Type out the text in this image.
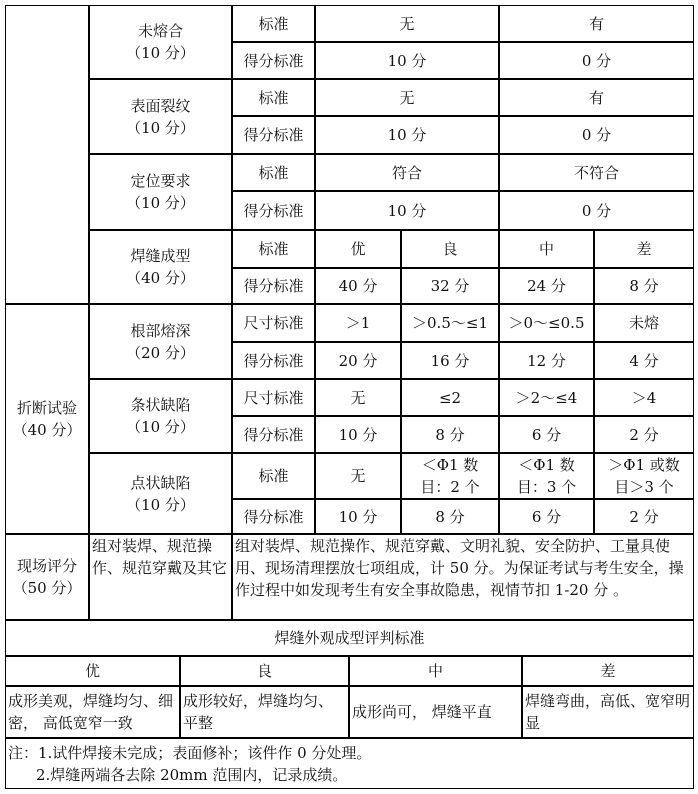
折断试验
（40 分）
未熔合
（10 分）
标准
得分标准
无
10 分
有
0 分
表面裂纹
（10 分）
标准
得分标准
无
10 分
有
0 分
定位要求
（10 分）
标准
得分标准
符合
10 分
不符合
0 分
焊缝成型
（40 分）
标准
得分标准
优
40 分
良
32 分
中
24 分
差
8 分
根部熔深
（20 分）
尺寸标准
得分标准
＞1
20 分
＞0.5～≤1
16 分
＞0～≤0.5
12 分
未熔
4 分
条状缺陷
（10 分）
尺寸标准
得分标准
无
10 分
≤2
8 分
＞2～≤4
6 分
＞4
2 分
点状缺陷
（10 分）
标准
得分标准
无
10 分
＜Φ1 数目：2 个
8 分
＜Φ1 数目：3 个
6 分
＞Φ1 或数目＞3 个
2 分
现场评分
（50 分）
组对装焊、规范操作、规范穿戴及其它
组对装焊、规范操作、规范穿戴、文明礼貌、安全防护、工量具使用、现场清理摆放七项组成，计 50 分。为保证考试与考生安全，操作过程中如发现考生有安全事故隐患，视情节扣 1-20 分 。
焊缝外观成型评判标准
优
成形美观，焊缝均匀、细密， 高低宽窄一致
良
成形较好，焊缝均匀、平整
中
成形尚可， 焊缝平直
差
焊缝弯曲，高低、宽窄明显
注：1.试件焊接未完成；表面修补；该件作 0 分处理。
2.焊缝两端各去除 20mm 范围内，记录成绩。
